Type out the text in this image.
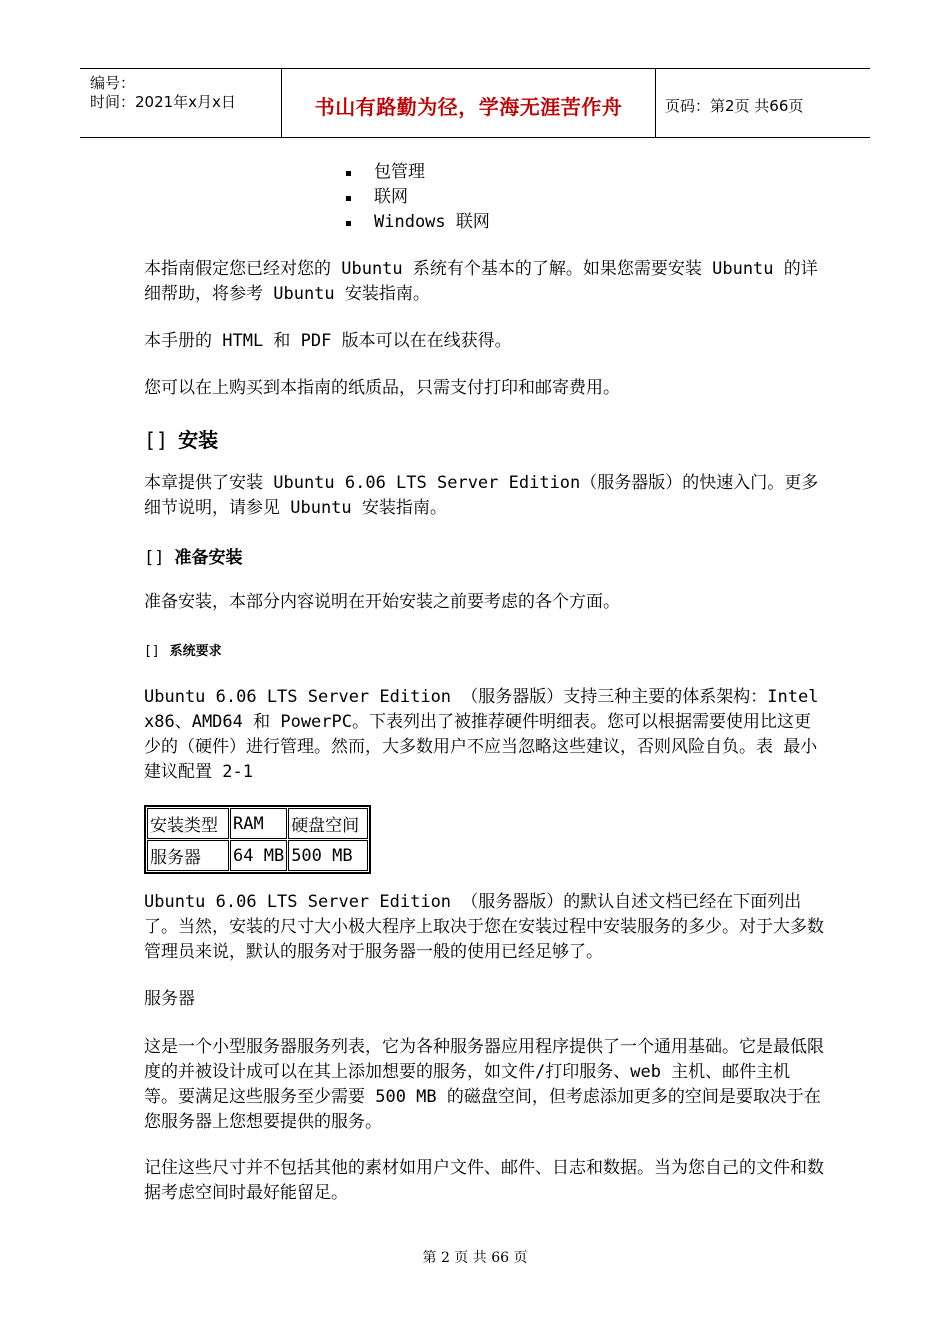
编号：
时间：2021年x月x日	书山有路勤为径，学海无涯苦作舟	页码：第2页 共66页
包管理
联网
Windows 联网
本指南假定您已经对您的 Ubuntu 系统有个基本的了解。如果您需要安装 Ubuntu 的详细帮助，将参考 Ubuntu 安装指南。
本手册的 HTML 和 PDF 版本可以在在线获得。
您可以在上购买到本指南的纸质品，只需支付打印和邮寄费用。
[] 安装
本章提供了安装 Ubuntu 6.06 LTS Server Edition（服务器版）的快速入门。更多细节说明，请参见 Ubuntu 安装指南。
[] 准备安装
准备安装，本部分内容说明在开始安装之前要考虑的各个方面。
[] 系统要求
Ubuntu 6.06 LTS Server Edition （服务器版）支持三种主要的体系架构：Intel x86、AMD64 和 PowerPC。下表列出了被推荐硬件明细表。您可以根据需要使用比这更少的（硬件）进行管理。然而，大多数用户不应当忽略这些建议，否则风险自负。表 最小建议配置 2-1
安装类型	RAM	硬盘空间
服务器	64 MB	500 MB
Ubuntu 6.06 LTS Server Edition （服务器版）的默认自述文档已经在下面列出了。当然，安装的尺寸大小极大程序上取决于您在安装过程中安装服务的多少。对于大多数管理员来说，默认的服务对于服务器一般的使用已经足够了。
服务器
这是一个小型服务器服务列表，它为各种服务器应用程序提供了一个通用基础。它是最低限度的并被设计成可以在其上添加想要的服务，如文件/打印服务、web 主机、邮件主机等。要满足这些服务至少需要 500 MB 的磁盘空间，但考虑添加更多的空间是要取决于在您服务器上您想要提供的服务。
记住这些尺寸并不包括其他的素材如用户文件、邮件、日志和数据。当为您自己的文件和数据考虑空间时最好能留足。
第 2 页 共 66 页
